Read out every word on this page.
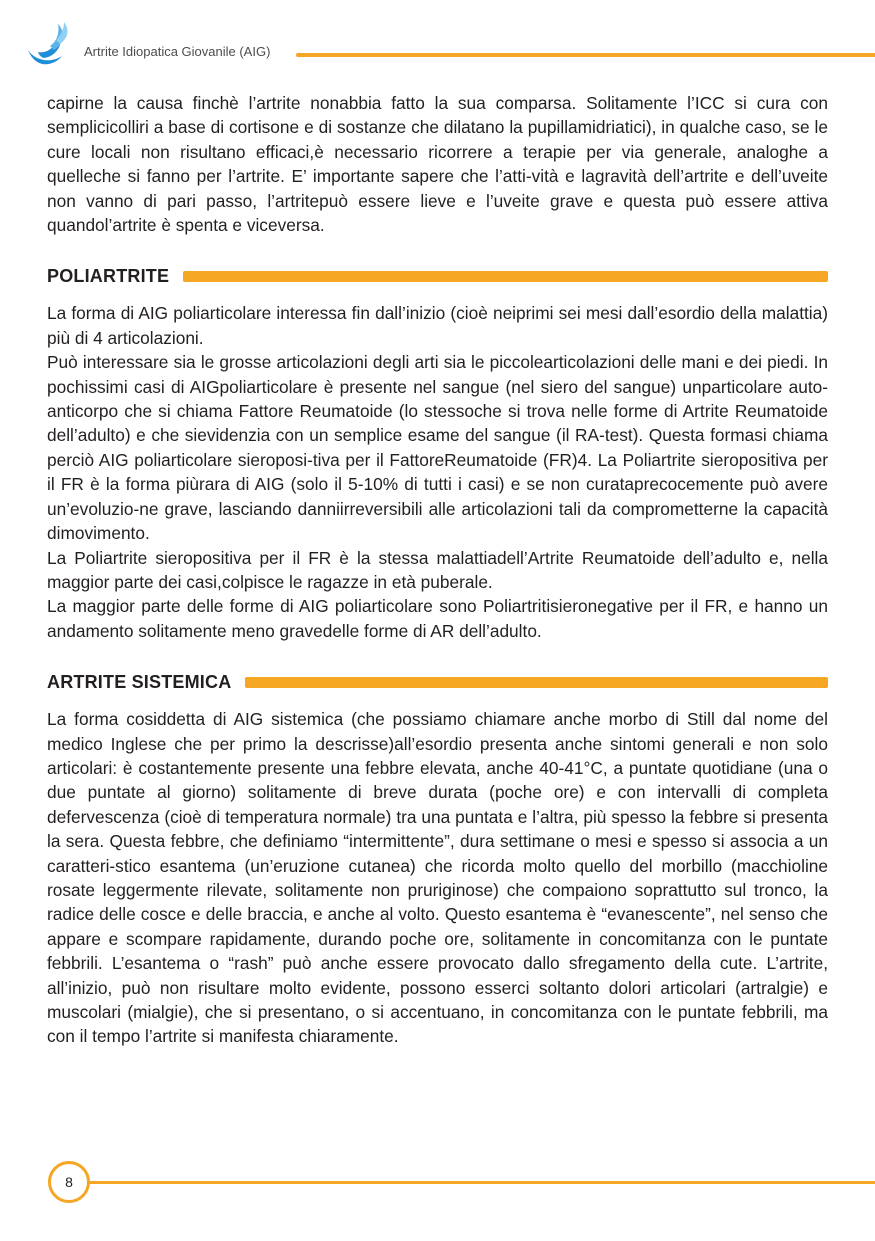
Artrite Idiopatica Giovanile (AIG)

capirne la causa finchè l’artrite nonabbia fatto la sua comparsa. Solitamente l’ICC si cura con semplicicolliri a base di cortisone e di sostanze che dilatano la pupillamidriatici), in qualche caso, se le cure locali non risultano efficaci,è necessario ricorrere a terapie per via generale, analoghe a quelleche si fanno per l’artrite. E’ importante sapere che l’atti-vità e lagravità dell’artrite e dell’uveite non vanno di pari passo, l’artritepuò essere lieve e l’uveite grave e questa può essere attiva quandol’artrite è spenta e viceversa.

POLIARTRITE

La forma di AIG poliarticolare interessa fin dall’inizio (cioè neiprimi sei mesi dall’esordio della malattia) più di 4 articolazioni.

Può interessare sia le grosse articolazioni degli arti sia le piccolearticolazioni delle mani e dei piedi. In pochissimi casi di AIGpoliarticolare è presente nel sangue (nel siero del sangue) unparticolare auto-anticorpo che si chiama Fattore Reumatoide (lo stessoche si trova nelle forme di Artrite Reumatoide dell’adulto) e che sievidenzia con un semplice esame del sangue (il RA-test). Questa formasi chiama perciò AIG poliarticolare sieroposi-tiva per il FattoreReumatoide (FR)4. La Poliartrite sieropositiva per il FR è la forma piùrara di AIG (solo il 5-10% di tutti i casi) e se non curataprecocemente può avere un’evoluzio-ne grave, lasciando danniirreversibili alle articolazioni tali da comprometterne la capacità dimovimento.

La Poliartrite sieropositiva per il FR è la stessa malattiadell’Artrite Reumatoide dell’adulto e, nella maggior parte dei casi,colpisce le ragazze in età puberale.

La maggior parte delle forme di AIG poliarticolare sono Poliartritisieronegative per il FR, e hanno un andamento solitamente meno gravedelle forme di AR dell’adulto.

ARTRITE SISTEMICA

La forma cosiddetta di AIG sistemica (che possiamo chiamare anche morbo di Still dal nome del medico Inglese che per primo la descrisse)all’esordio presenta anche sintomi generali e non solo articolari: è costantemente presente una febbre elevata, anche 40-41°C, a puntate quotidiane (una o due puntate al giorno) solitamente di breve durata (poche ore) e con intervalli di completa defervescenza (cioè di temperatura normale) tra una puntata e l’altra, più spesso la febbre si presenta la sera. Questa febbre, che definiamo “intermittente”, dura settimane o mesi e spesso si associa a un caratteri-stico esantema (un’eruzione cutanea) che ricorda molto quello del morbillo (macchioline rosate leggermente rilevate, solitamente non pruriginose) che compaiono soprattutto sul tronco, la radice delle cosce e delle braccia, e anche al volto. Questo esantema è “evanescente”, nel senso che appare e scompare rapidamente, durando poche ore, solitamente in concomitanza con le puntate febbrili. L’esantema o “rash” può anche essere provocato dallo sfregamento della cute. L’artrite, all’inizio, può non risultare molto evidente, possono esserci soltanto dolori articolari (artralgie) e muscolari (mialgie), che si presentano, o si accentuano, in concomitanza con le puntate febbrili, ma con il tempo l’artrite si manifesta chiaramente.

8
